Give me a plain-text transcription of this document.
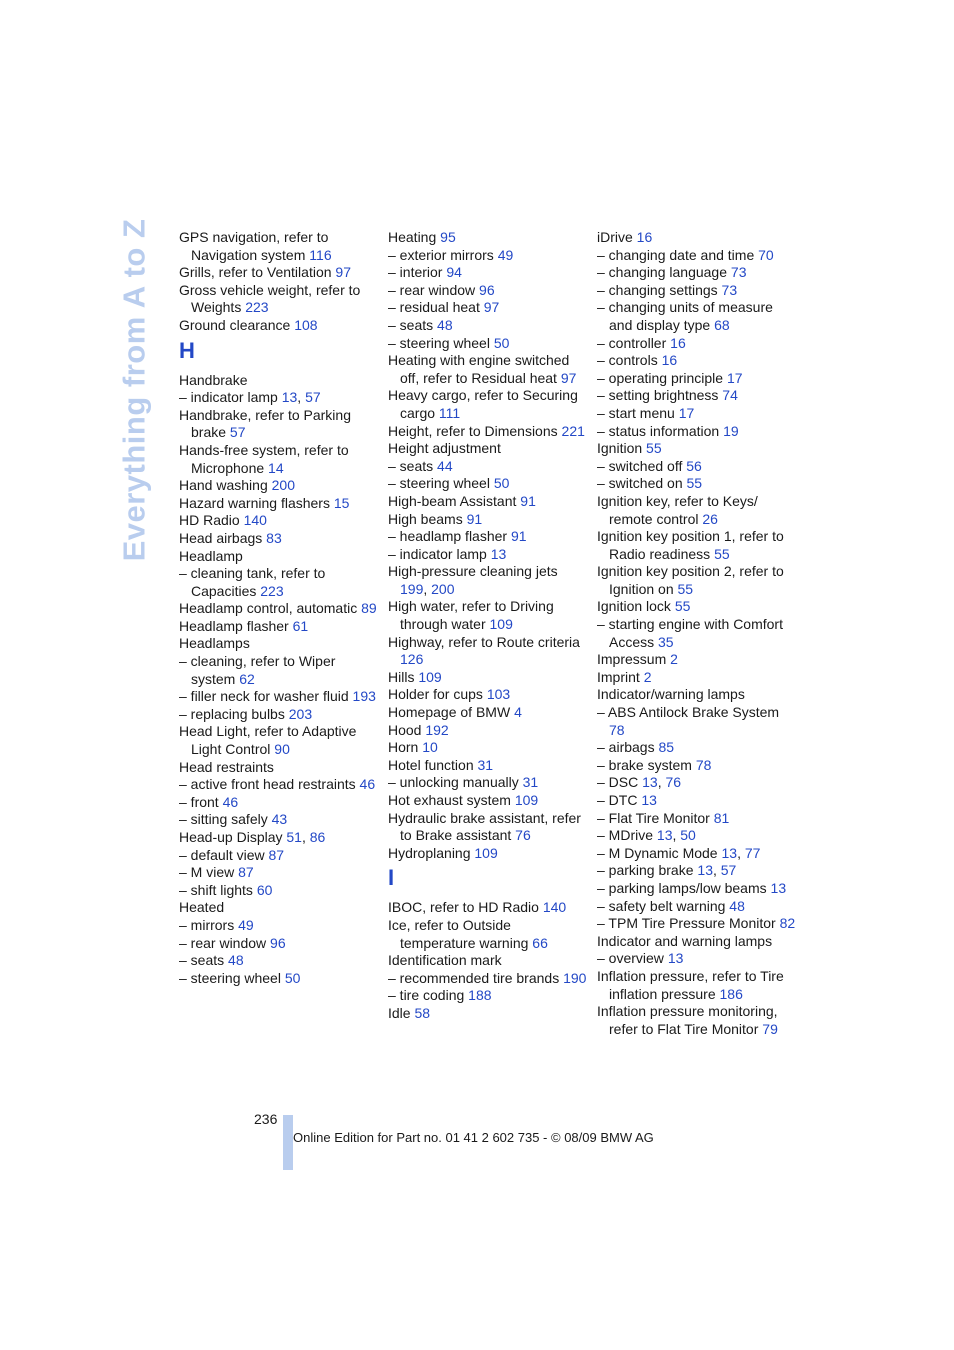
Everything from A to Z GPS navigation, refer to Navigation system 116
Grills, refer to Ventilation 97
Gross vehicle weight, refer to Weights 223
Ground clearance 108
H
Handbrake
– indicator lamp 13, 57
Handbrake, refer to Parking brake 57
Hands-free system, refer to Microphone 14
Hand washing 200
Hazard warning flashers 15
HD Radio 140
Head airbags 83
Headlamp
– cleaning tank, refer to Capacities 223
Headlamp control, automatic 89
Headlamp flasher 61
Headlamps
– cleaning, refer to Wiper system 62
– filler neck for washer fluid 193
– replacing bulbs 203
Head Light, refer to Adaptive Light Control 90
Head restraints
– active front head restraints 46
– front 46
– sitting safely 43
Head-up Display 51, 86
– default view 87
– M view 87
– shift lights 60
Heated
– mirrors 49
– rear window 96
– seats 48
– steering wheel 50
Heating 95
– exterior mirrors 49
– interior 94
– rear window 96
– residual heat 97
– seats 48
– steering wheel 50
Heating with engine switched off, refer to Residual heat 97
Heavy cargo, refer to Securing cargo 111
Height, refer to Dimensions 221
Height adjustment
– seats 44
– steering wheel 50
High-beam Assistant 91
High beams 91
– headlamp flasher 91
– indicator lamp 13
High-pressure cleaning jets 199, 200
High water, refer to Driving through water 109
Highway, refer to Route criteria 126
Hills 109
Holder for cups 103
Homepage of BMW 4
Hood 192
Horn 10
Hotel function 31
– unlocking manually 31
Hot exhaust system 109
Hydraulic brake assistant, refer to Brake assistant 76
Hydroplaning 109
I
IBOC, refer to HD Radio 140
Ice, refer to Outside temperature warning 66
Identification mark
– recommended tire brands 190
– tire coding 188
Idle 58
iDrive 16
– changing date and time 70
– changing language 73
– changing settings 73
– changing units of measure and display type 68
– controller 16
– controls 16
– operating principle 17
– setting brightness 74
– start menu 17
– status information 19
Ignition 55
– switched off 56
– switched on 55
Ignition key, refer to Keys/ remote control 26
Ignition key position 1, refer to Radio readiness 55
Ignition key position 2, refer to Ignition on 55
Ignition lock 55
– starting engine with Comfort Access 35
Impressum 2
Imprint 2
Indicator/warning lamps
– ABS Antilock Brake System 78
– airbags 85
– brake system 78
– DSC 13, 76
– DTC 13
– Flat Tire Monitor 81
– MDrive 13, 50
– M Dynamic Mode 13, 77
– parking brake 13, 57
– parking lamps/low beams 13
– safety belt warning 48
– TPM Tire Pressure Monitor 82
Indicator and warning lamps
– overview 13
Inflation pressure, refer to Tire inflation pressure 186
Inflation pressure monitoring, refer to Flat Tire Monitor 79
236
Online Edition for Part no. 01 41 2 602 735 - © 08/09 BMW AG
